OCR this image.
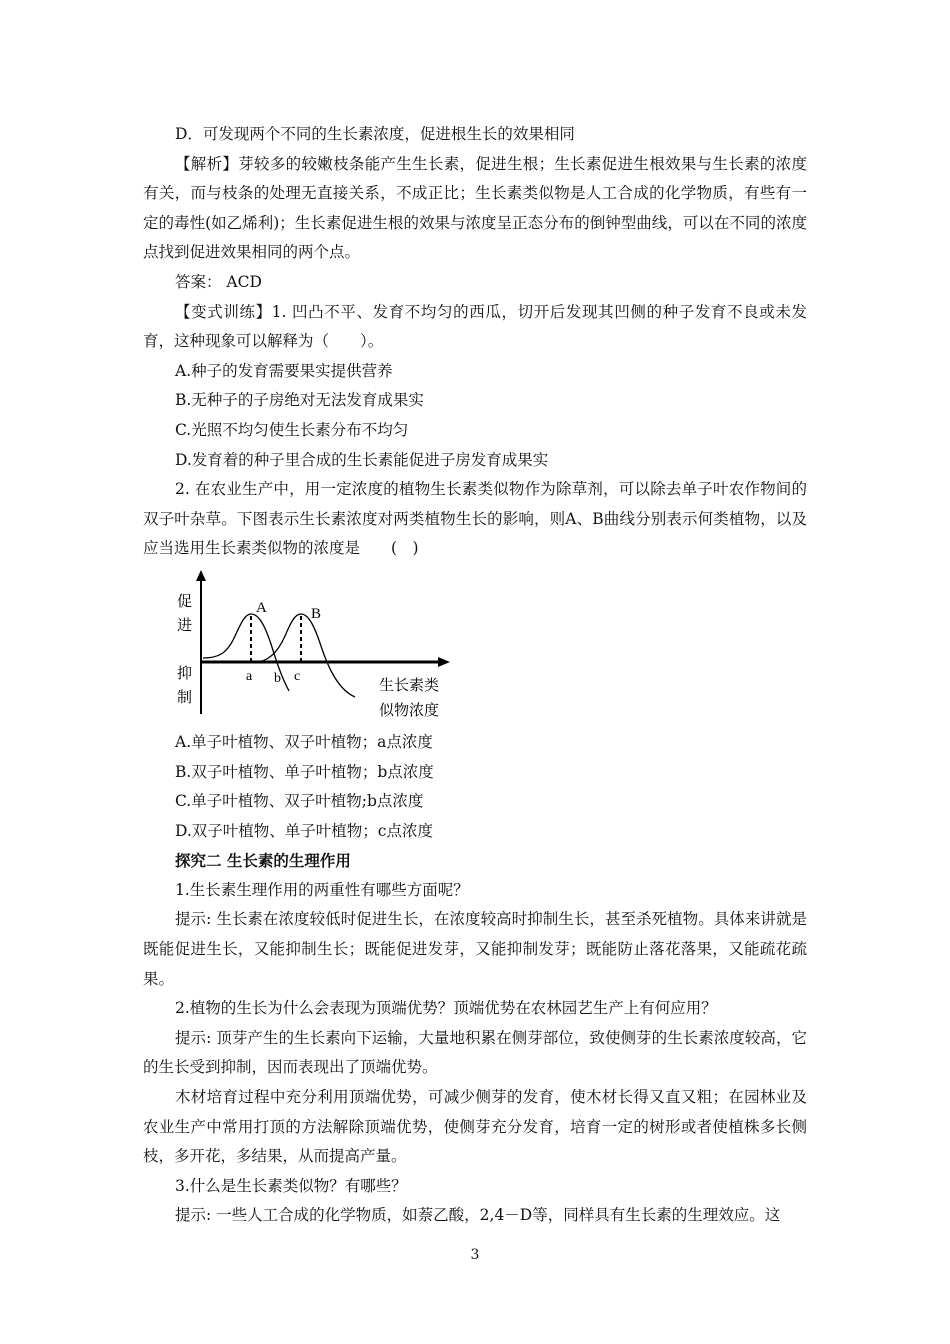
D．可发现两个不同的生长素浓度，促进根生长的效果相同

【解析】芽较多的较嫩枝条能产生生长素，促进生根；生长素促进生根效果与生长素的浓度有关，而与枝条的处理无直接关系，不成正比；生长素类似物是人工合成的化学物质，有些有一定的毒性(如乙烯利)；生长素促进生根的效果与浓度呈正态分布的倒钟型曲线，可以在不同的浓度点找到促进效果相同的两个点。

答案： ACD

【变式训练】1. 凹凸不平、发育不均匀的西瓜，切开后发现其凹侧的种子发育不良或未发育，这种现象可以解释为（　　）。

A.种子的发育需要果实提供营养

B.无种子的子房绝对无法发育成果实

C.光照不均匀使生长素分布不均匀

D.发育着的种子里合成的生长素能促进子房发育成果实

2. 在农业生产中，用一定浓度的植物生长素类似物作为除草剂，可以除去单子叶农作物间的双子叶杂草。下图表示生长素浓度对两类植物生长的影响，则A、B曲线分别表示何类植物，以及应当选用生长素类似物的浓度是　　(　)

促
进
抑
制
A	B
a b c
生长素类
似物浓度

A.单子叶植物、双子叶植物；a点浓度

B.双子叶植物、单子叶植物；b点浓度

C.单子叶植物、双子叶植物;b点浓度

D.双子叶植物、单子叶植物；c点浓度

探究二 生长素的生理作用

1.生长素生理作用的两重性有哪些方面呢？

提示: 生长素在浓度较低时促进生长，在浓度较高时抑制生长，甚至杀死植物。具体来讲就是既能促进生长，又能抑制生长；既能促进发芽，又能抑制发芽；既能防止落花落果，又能疏花疏果。

2.植物的生长为什么会表现为顶端优势？顶端优势在农林园艺生产上有何应用？

提示: 顶芽产生的生长素向下运输，大量地积累在侧芽部位，致使侧芽的生长素浓度较高，它的生长受到抑制，因而表现出了顶端优势。

木材培育过程中充分利用顶端优势，可减少侧芽的发育，使木材长得又直又粗；在园林业及农业生产中常用打顶的方法解除顶端优势，使侧芽充分发育，培育一定的树形或者使植株多长侧枝，多开花，多结果，从而提高产量。

3.什么是生长素类似物？有哪些？

提示: 一些人工合成的化学物质，如萘乙酸，2,4－D等，同样具有生长素的生理效应。这

3
